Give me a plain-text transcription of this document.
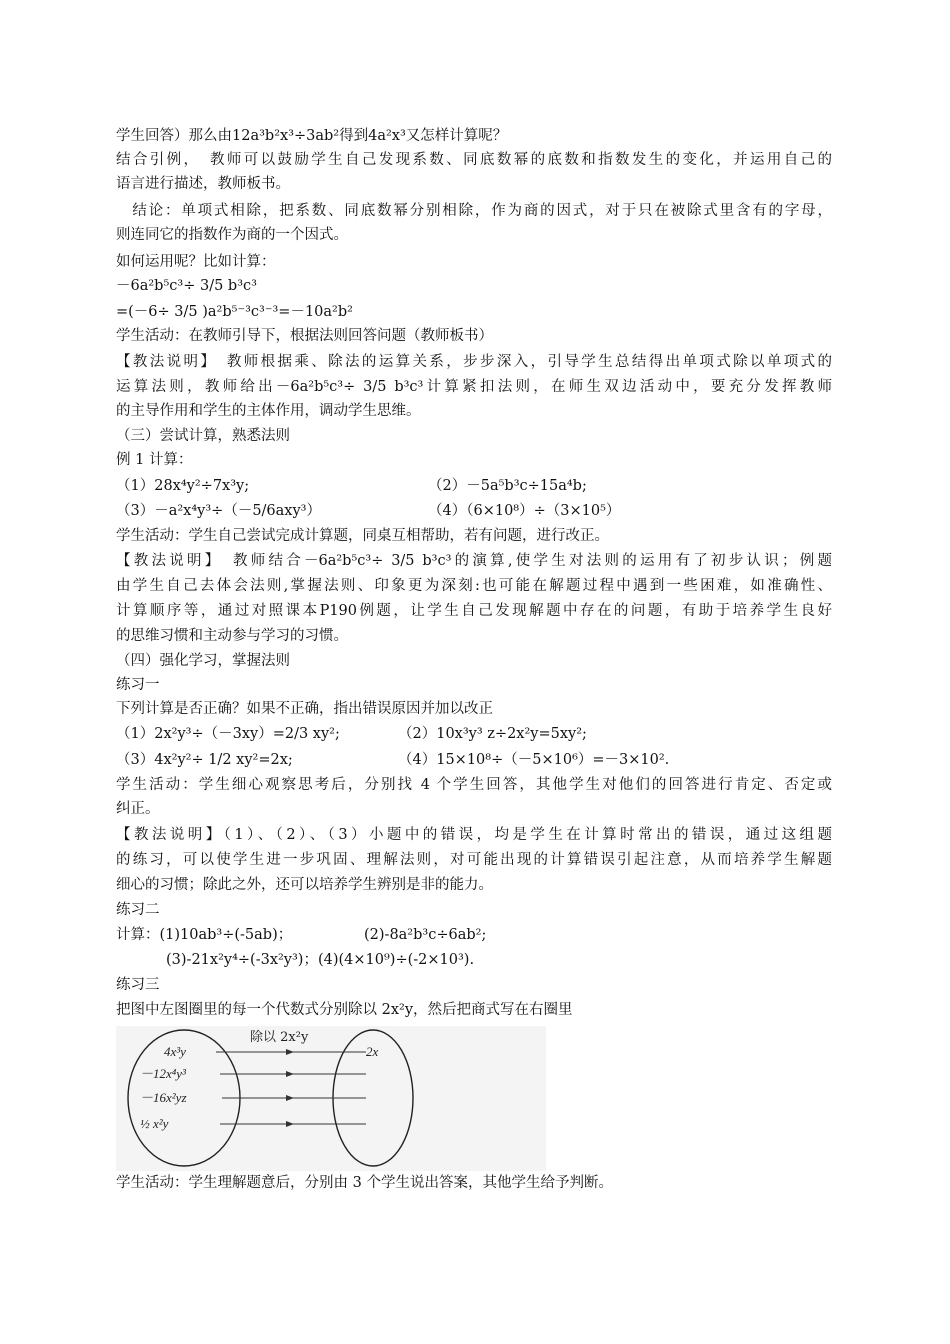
学生回答）那么由12a³b²x³÷3ab²得到4a²x³又怎样计算呢？
结合引例，　教师可以鼓励学生自己发现系数、同底数幂的底数和指数发生的变化，并运用自己的
语言进行描述，教师板书。
　结论：单项式相除，把系数、同底数幂分别相除，作为商的因式，对于只在被除式里含有的字母，
则连同它的指数作为商的一个因式。
如何运用呢？比如计算：
－6a²b⁵c³÷ 3/5 b³c³
=(－6÷ 3/5 )a²b⁵⁻³c³⁻³=－10a²b²
学生活动：在教师引导下，根据法则回答问题（教师板书）
【教法说明】　教师根据乘、除法的运算关系，步步深入，引导学生总结得出单项式除以单项式的
运算法则，教师给出－6a²b⁵c³÷ 3/5 b³c³计算紧扣法则，在师生双边活动中，要充分发挥教师
的主导作用和学生的主体作用，调动学生思维。
（三）尝试计算，熟悉法则
例 1 计算：
（1）28x⁴y²÷7x³y;	（2）－5a⁵b³c÷15a⁴b;
（3）－a²x⁴y³÷（－5/6axy³）	（4）（6×10⁸）÷（3×10⁵）
学生活动：学生自己尝试完成计算题，同桌互相帮助，若有问题，进行改正。
【教法说明】　教师结合－6a²b⁵c³÷ 3/5 b³c³的演算,使学生对法则的运用有了初步认识；例题
由学生自己去体会法则,掌握法则、印象更为深刻:也可能在解题过程中遇到一些困难，如准确性、
计算顺序等，通过对照课本P190例题，让学生自己发现解题中存在的问题，有助于培养学生良好
的思维习惯和主动参与学习的习惯。
（四）强化学习，掌握法则
练习一
下列计算是否正确？如果不正确，指出错误原因并加以改正
（1）2x²y³÷（－3xy）=2/3 xy²;	（2）10x³y³ z÷2x²y=5xy²;
（3）4x²y²÷ 1/2 xy²=2x;	（4）15×10⁸÷（－5×10⁶）=－3×10².
学生活动：学生细心观察思考后，分别找 4 个学生回答，其他学生对他们的回答进行肯定、否定或
纠正。
【教法说明】（1）、（2）、（3）小题中的错误，均是学生在计算时常出的错误，通过这组题
的练习，可以使学生进一步巩固、理解法则，对可能出现的计算错误引起注意，从而培养学生解题
细心的习惯；除此之外，还可以培养学生辨别是非的能力。
练习二
计算：(1)10ab³÷(-5ab)；	(2)-8a²b³c÷6ab²;
(3)-21x²y⁴÷(-3x²y³)；(4)(4×10⁹)÷(-2×10³).
练习三
把图中左图圈里的每一个代数式分别除以 2x²y，然后把商式写在右圈里
除以 2x²y
4x³y
－12x⁴y³
－16x²yz
½ x²y
2x
学生活动：学生理解题意后，分别由 3 个学生说出答案，其他学生给予判断。
